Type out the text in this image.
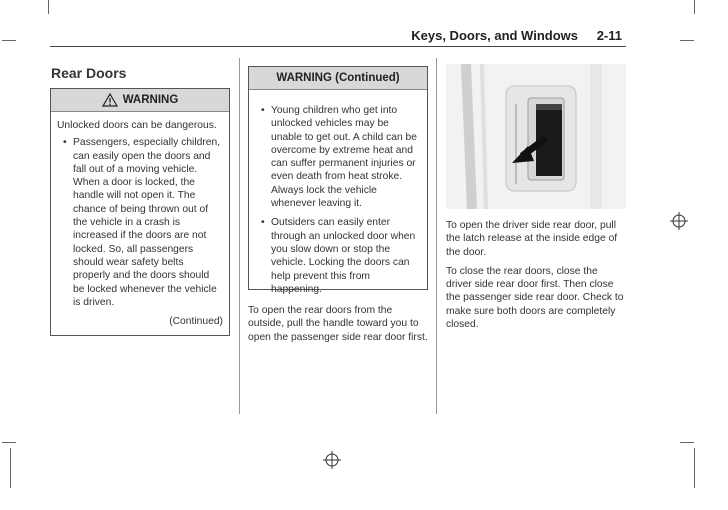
Keys, Doors, and Windows 2-11
Rear Doors
WARNING

Unlocked doors can be dangerous.

• Passengers, especially children, can easily open the doors and fall out of a moving vehicle. When a door is locked, the handle will not open it. The chance of being thrown out of the vehicle in a crash is increased if the doors are not locked. So, all passengers should wear safety belts properly and the doors should be locked whenever the vehicle is driven.
(Continued)
WARNING (Continued)
• Young children who get into unlocked vehicles may be unable to get out. A child can be overcome by extreme heat and can suffer permanent injuries or even death from heat stroke. Always lock the vehicle whenever leaving it.
• Outsiders can easily enter through an unlocked door when you slow down or stop the vehicle. Locking the doors can help prevent this from happening.

To open the rear doors from the outside, pull the handle toward you to open the passenger side rear door first.

To open the driver side rear door, pull the latch release at the inside edge of the door.

To close the rear doors, close the driver side rear door first. Then close the passenger side rear door. Check to make sure both doors are completely closed.
